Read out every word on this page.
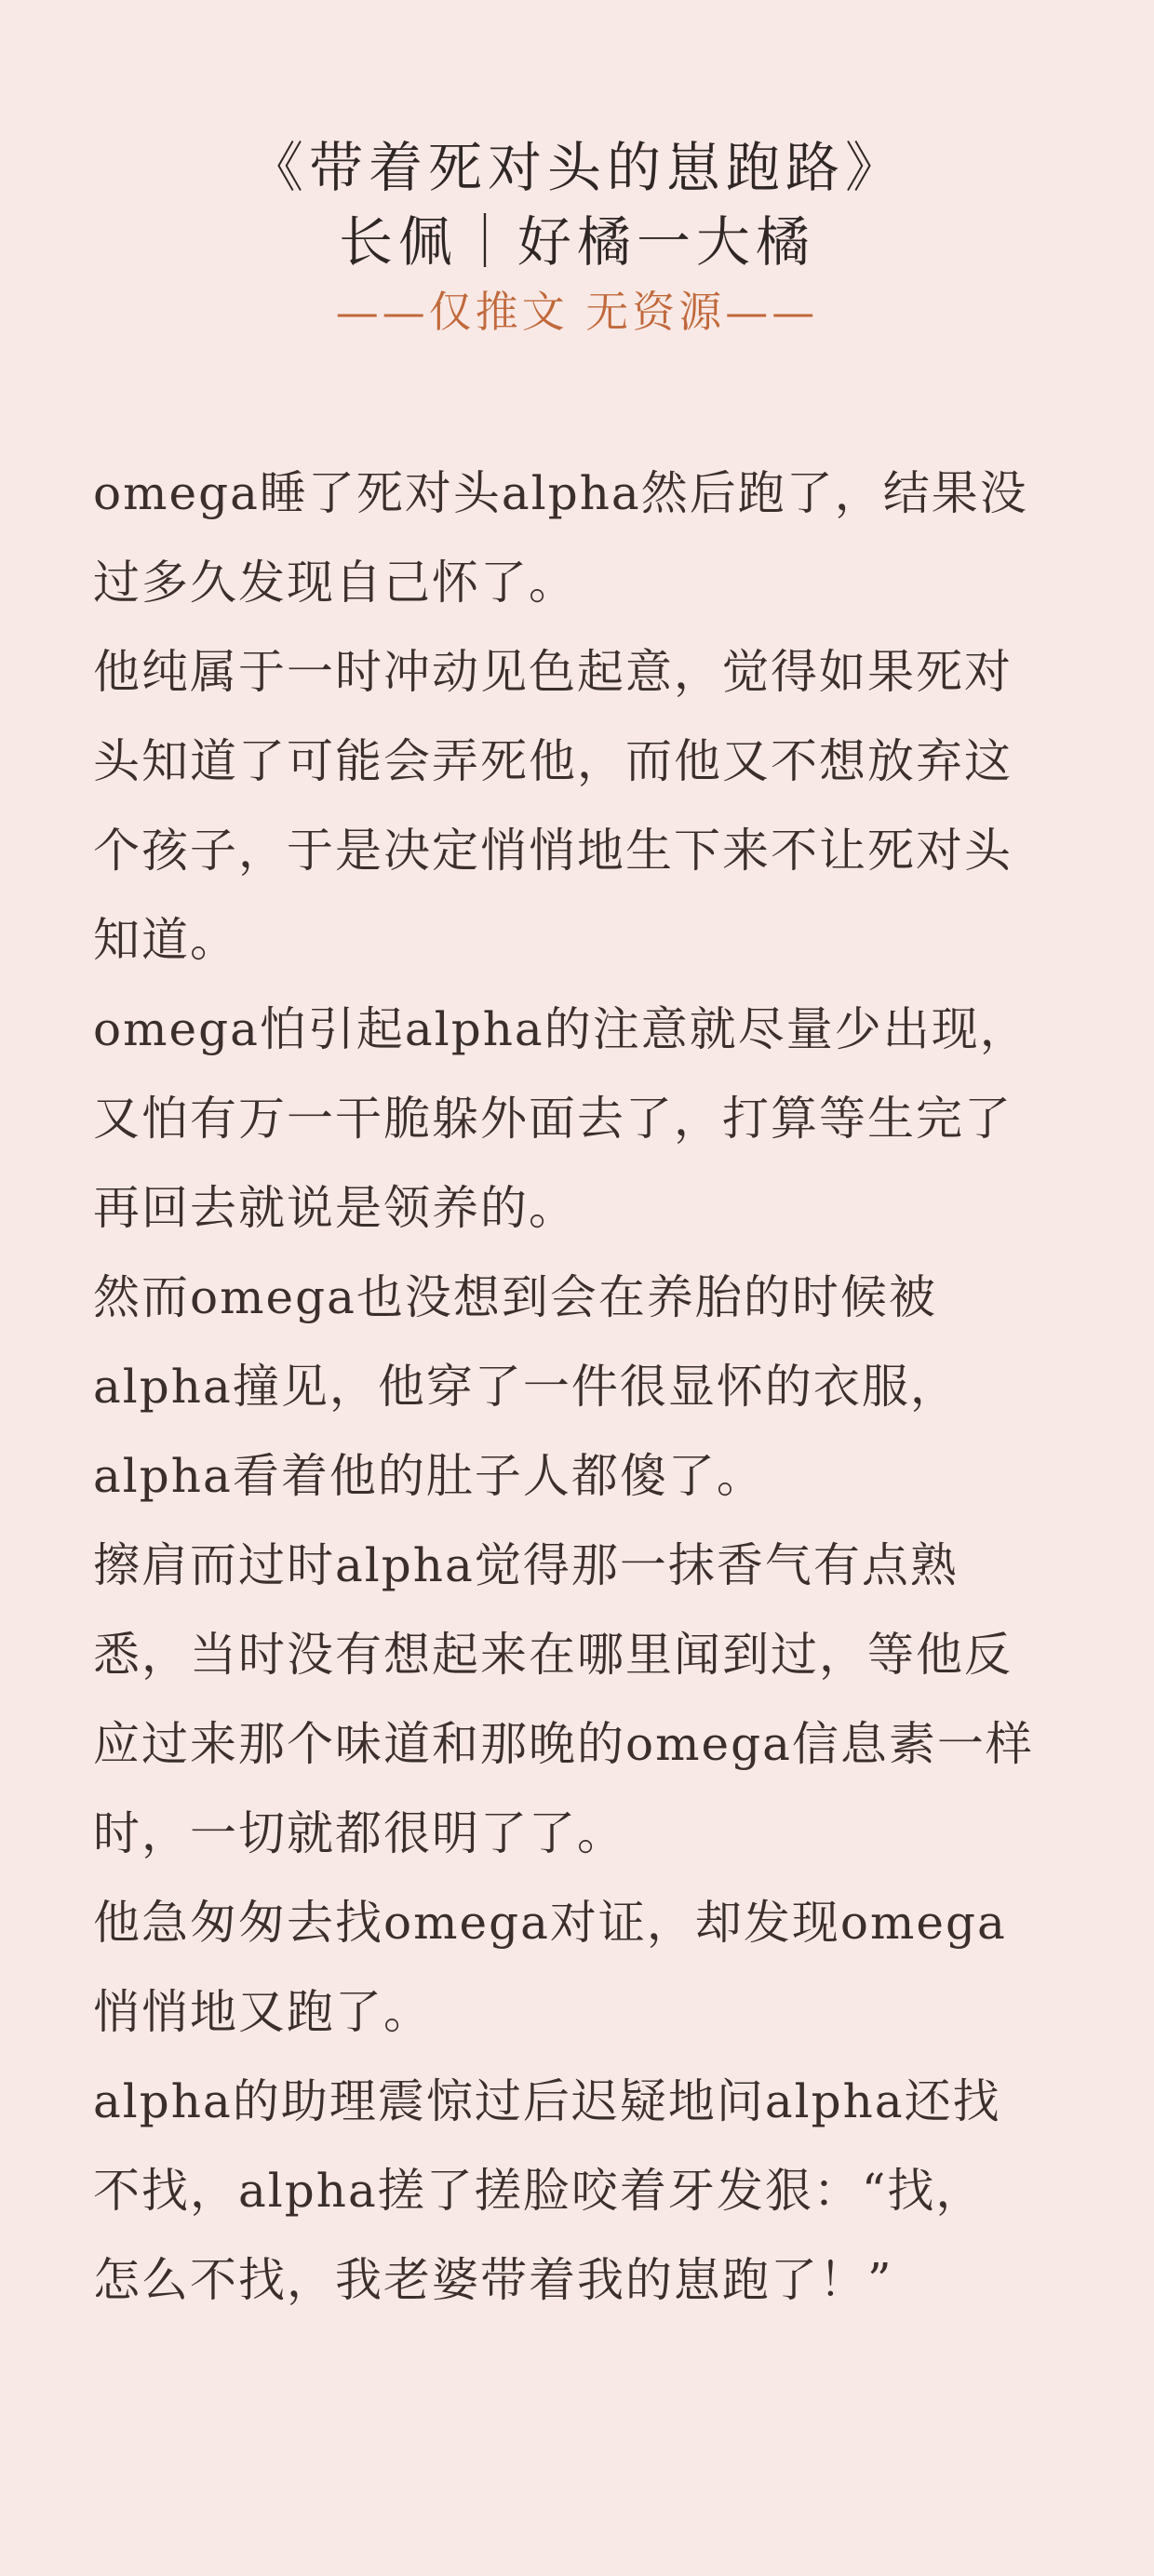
《带着死对头的崽跑路》
长佩｜好橘一大橘

——仅推文 无资源——

omega睡了死对头alpha然后跑了，结果没
过多久发现自己怀了。

他纯属于一时冲动见色起意，觉得如果死对
头知道了可能会弄死他，而他又不想放弃这
个孩子，于是决定悄悄地生下来不让死对头
知道。

omega怕引起alpha的注意就尽量少出现，
又怕有万一干脆躲外面去了，打算等生完了
再回去就说是领养的。

然而omega也没想到会在养胎的时候被
alpha撞见，他穿了一件很显怀的衣服，
alpha看着他的肚子人都傻了。

擦肩而过时alpha觉得那一抹香气有点熟
悉，当时没有想起来在哪里闻到过，等他反
应过来那个味道和那晚的omega信息素一样
时，一切就都很明了了。

他急匆匆去找omega对证，却发现omega
悄悄地又跑了。

alpha的助理震惊过后迟疑地问alpha还找
不找，alpha搓了搓脸咬着牙发狠：“找，
怎么不找，我老婆带着我的崽跑了！”
